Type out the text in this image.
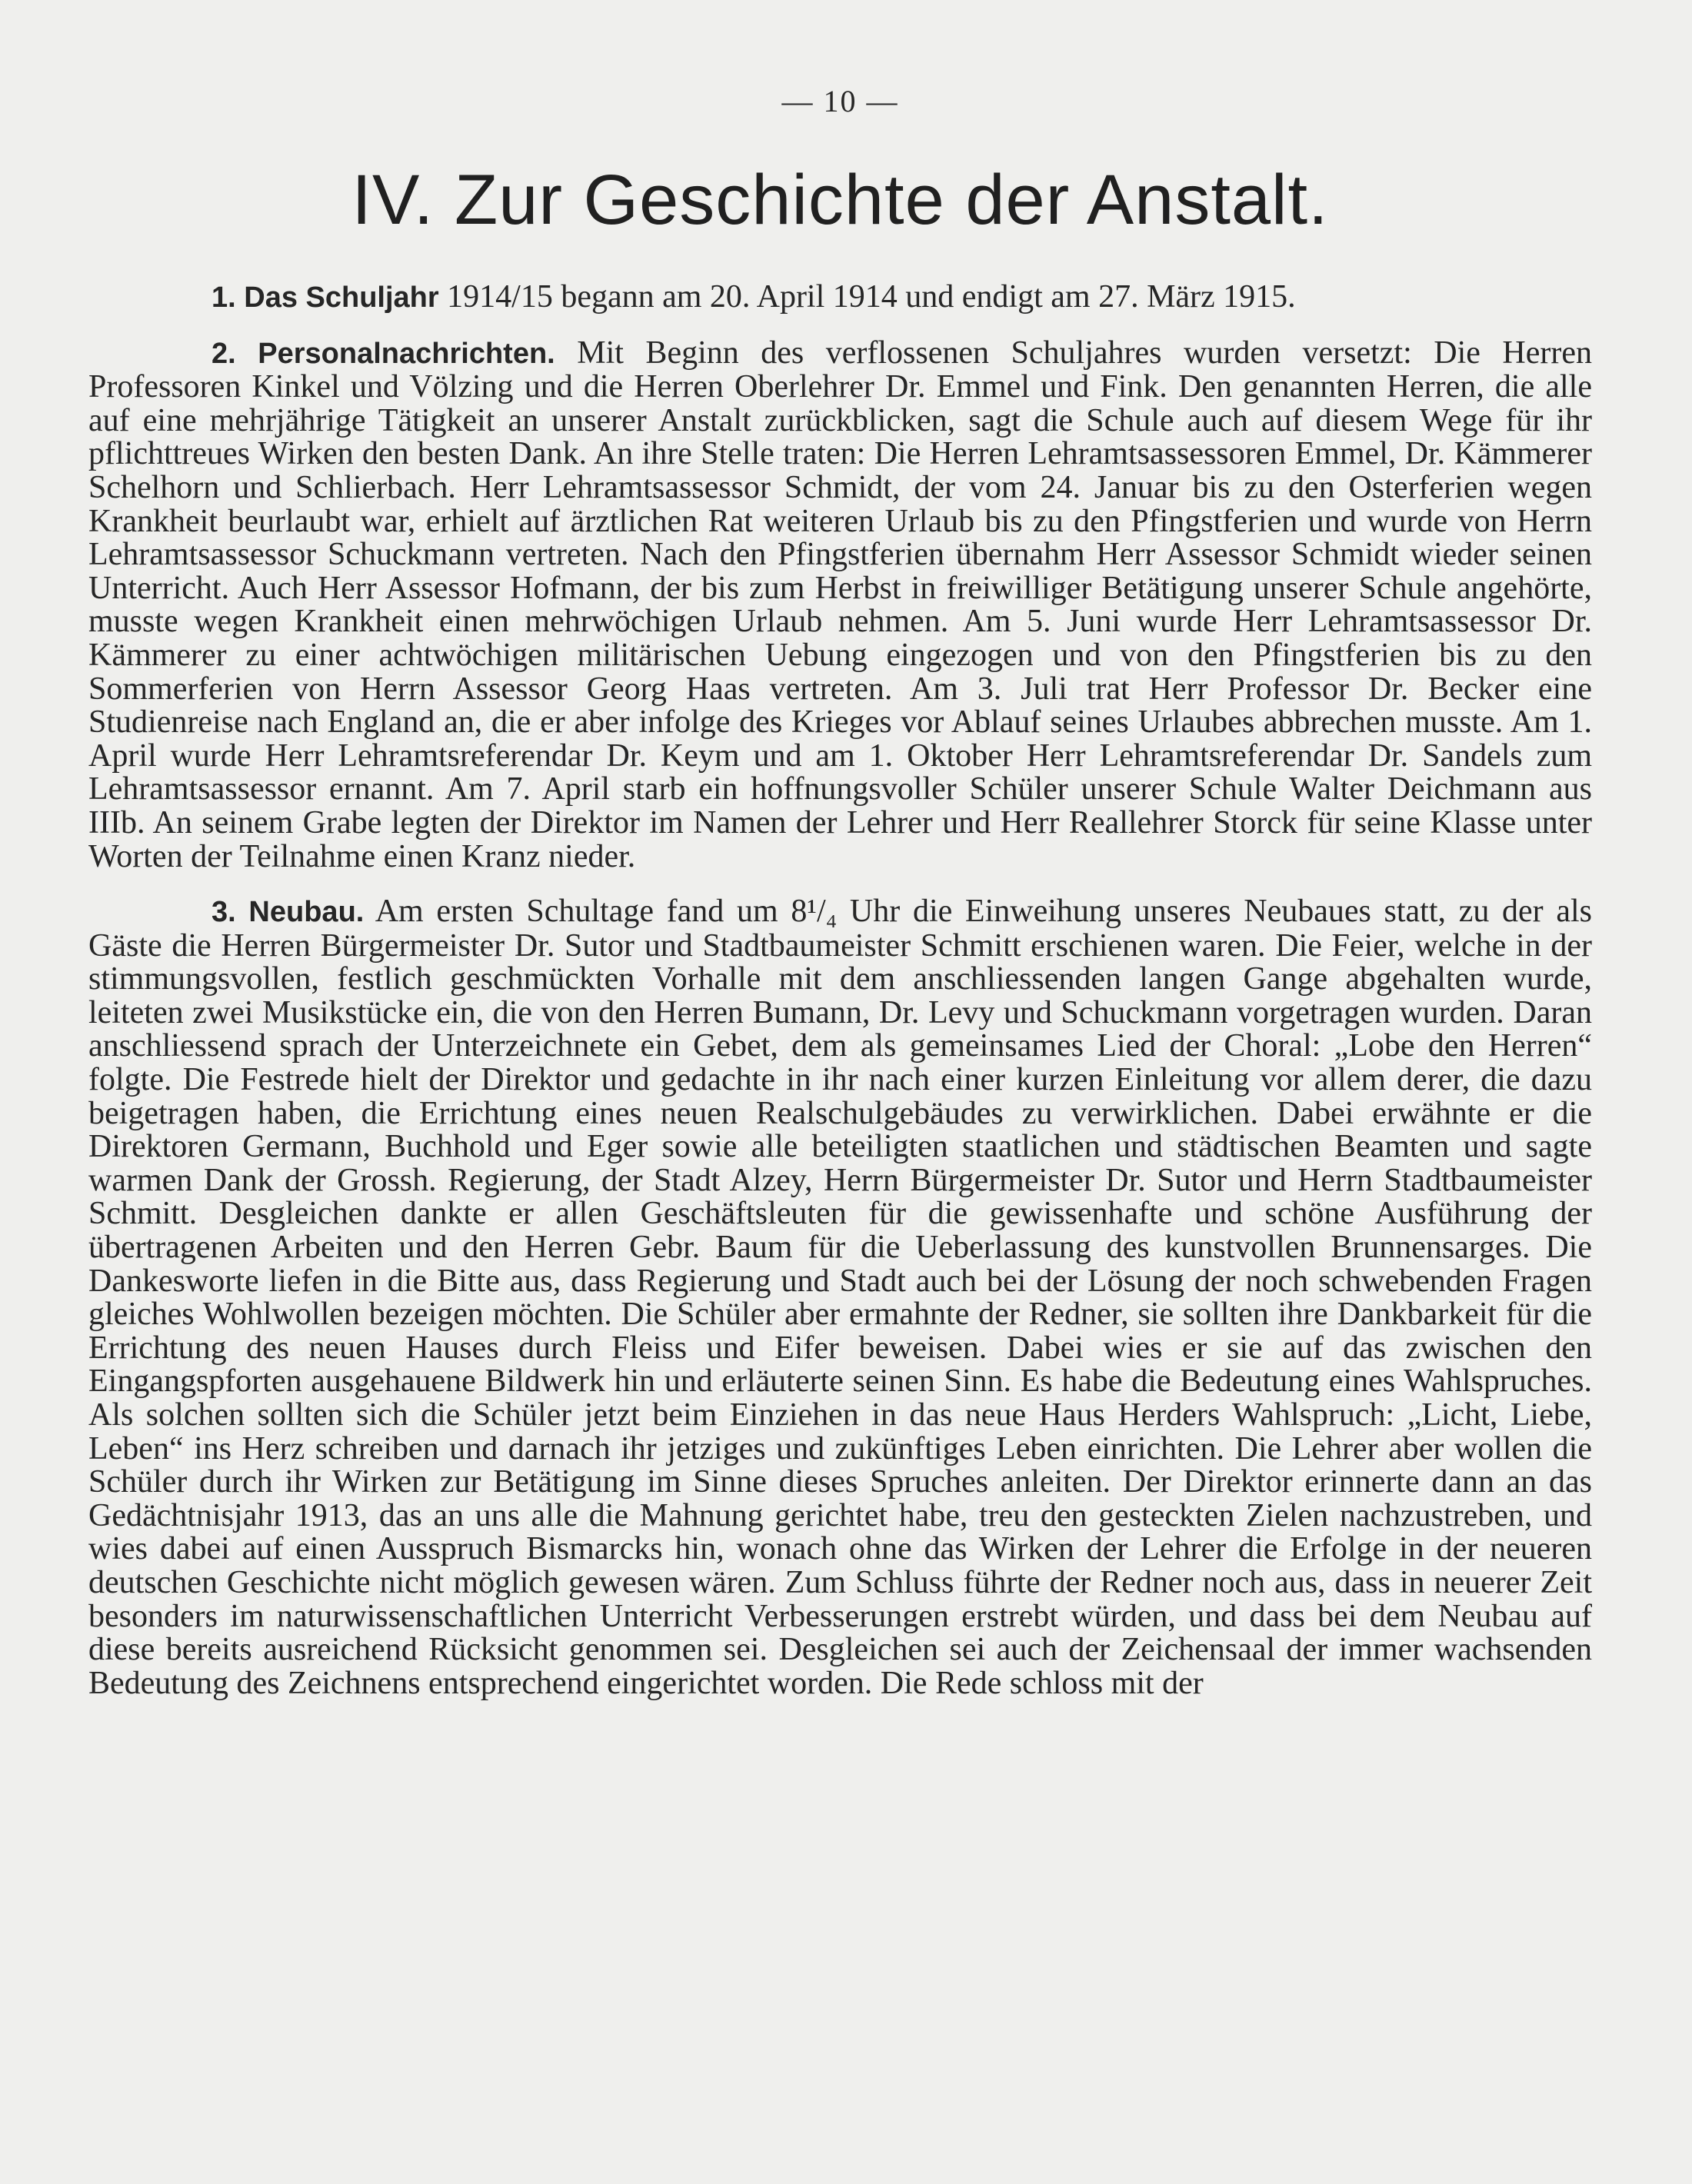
— 10 —
IV. Zur Geschichte der Anstalt.

1. Das Schuljahr 1914/15 begann am 20. April 1914 und endigt am 27. März 1915.

2. Personalnachrichten. Mit Beginn des verflossenen Schuljahres wurden versetzt: Die Herren Professoren Kinkel und Völzing und die Herren Oberlehrer Dr. Emmel und Fink. Den genannten Herren, die alle auf eine mehrjährige Tätigkeit an unserer Anstalt zurückblicken, sagt die Schule auch auf diesem Wege für ihr pflichttreues Wirken den besten Dank. An ihre Stelle traten: Die Herren Lehramtsassessoren Emmel, Dr. Kämmerer Schelhorn und Schlierbach. Herr Lehramtsassessor Schmidt, der vom 24. Januar bis zu den Osterferien wegen Krankheit beurlaubt war, erhielt auf ärztlichen Rat weiteren Urlaub bis zu den Pfingstferien und wurde von Herrn Lehramtsassessor Schuckmann vertreten. Nach den Pfingstferien übernahm Herr Assessor Schmidt wieder seinen Unterricht. Auch Herr Assessor Hofmann, der bis zum Herbst in freiwilliger Betätigung unserer Schule angehörte, musste wegen Krankheit einen mehrwöchigen Urlaub nehmen. Am 5. Juni wurde Herr Lehramtsassessor Dr. Kämmerer zu einer achtwöchigen militärischen Uebung eingezogen und von den Pfingstferien bis zu den Sommerferien von Herrn Assessor Georg Haas vertreten. Am 3. Juli trat Herr Professor Dr. Becker eine Studienreise nach England an, die er aber infolge des Krieges vor Ablauf seines Urlaubes abbrechen musste. Am 1. April wurde Herr Lehramtsreferendar Dr. Keym und am 1. Oktober Herr Lehramtsreferendar Dr. Sandels zum Lehramtsassessor ernannt. Am 7. April starb ein hoffnungsvoller Schüler unserer Schule Walter Deichmann aus IIIb. An seinem Grabe legten der Direktor im Namen der Lehrer und Herr Reallehrer Storck für seine Klasse unter Worten der Teilnahme einen Kranz nieder.

3. Neubau. Am ersten Schultage fand um 8¹/₄ Uhr die Einweihung unseres Neubaues statt, zu der als Gäste die Herren Bürgermeister Dr. Sutor und Stadtbaumeister Schmitt erschienen waren. Die Feier, welche in der stimmungsvollen, festlich geschmückten Vorhalle mit dem anschliessenden langen Gange abgehalten wurde, leiteten zwei Musikstücke ein, die von den Herren Bumann, Dr. Levy und Schuckmann vorgetragen wurden. Daran anschliessend sprach der Unterzeichnete ein Gebet, dem als gemeinsames Lied der Choral: „Lobe den Herren“ folgte. Die Festrede hielt der Direktor und gedachte in ihr nach einer kurzen Einleitung vor allem derer, die dazu beigetragen haben, die Errichtung eines neuen Realschulgebäudes zu verwirklichen. Dabei erwähnte er die Direktoren Germann, Buchhold und Eger sowie alle beteiligten staatlichen und städtischen Beamten und sagte warmen Dank der Grossh. Regierung, der Stadt Alzey, Herrn Bürgermeister Dr. Sutor und Herrn Stadtbaumeister Schmitt. Desgleichen dankte er allen Geschäftsleuten für die gewissenhafte und schöne Ausführung der übertragenen Arbeiten und den Herren Gebr. Baum für die Ueberlassung des kunstvollen Brunnensarges. Die Dankesworte liefen in die Bitte aus, dass Regierung und Stadt auch bei der Lösung der noch schwebenden Fragen gleiches Wohlwollen bezeigen möchten. Die Schüler aber ermahnte der Redner, sie sollten ihre Dankbarkeit für die Errichtung des neuen Hauses durch Fleiss und Eifer beweisen. Dabei wies er sie auf das zwischen den Eingangspforten ausgehauene Bildwerk hin und erläuterte seinen Sinn. Es habe die Bedeutung eines Wahlspruches. Als solchen sollten sich die Schüler jetzt beim Einziehen in das neue Haus Herders Wahlspruch: „Licht, Liebe, Leben“ ins Herz schreiben und darnach ihr jetziges und zukünftiges Leben einrichten. Die Lehrer aber wollen die Schüler durch ihr Wirken zur Betätigung im Sinne dieses Spruches anleiten. Der Direktor erinnerte dann an das Gedächtnisjahr 1913, das an uns alle die Mahnung gerichtet habe, treu den gesteckten Zielen nachzustreben, und wies dabei auf einen Ausspruch Bismarcks hin, wonach ohne das Wirken der Lehrer die Erfolge in der neueren deutschen Geschichte nicht möglich gewesen wären. Zum Schluss führte der Redner noch aus, dass in neuerer Zeit besonders im naturwissenschaftlichen Unterricht Verbesserungen erstrebt würden, und dass bei dem Neubau auf diese bereits ausreichend Rücksicht genommen sei. Desgleichen sei auch der Zeichensaal der immer wachsenden Bedeutung des Zeichnens entsprechend eingerichtet worden. Die Rede schloss mit der
